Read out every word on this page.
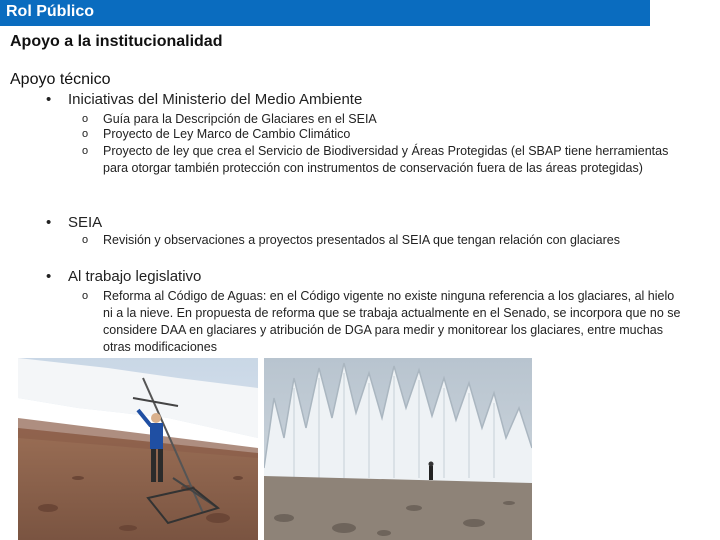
Rol Público
Apoyo a la institucionalidad
Apoyo técnico
• Iniciativas del Ministerio del Medio Ambiente
o Guía para la Descripción de Glaciares en el SEIA
o Proyecto de Ley Marco de Cambio Climático
o Proyecto de ley que crea el Servicio de Biodiversidad y Áreas Protegidas (el SBAP tiene herramientas para otorgar también protección con instrumentos de conservación fuera de las áreas protegidas)
• SEIA
o Revisión y observaciones a proyectos presentados al SEIA que tengan relación con glaciares
• Al trabajo legislativo
o Reforma al Código de Aguas: en el Código vigente no existe ninguna referencia a los glaciares, al hielo ni a la nieve. En propuesta de reforma que se trabaja actualmente en el Senado, se incorpora que no se considere DAA en glaciares y atribución de DGA para medir y monitorear los glaciares, entre muchas otras modificaciones
